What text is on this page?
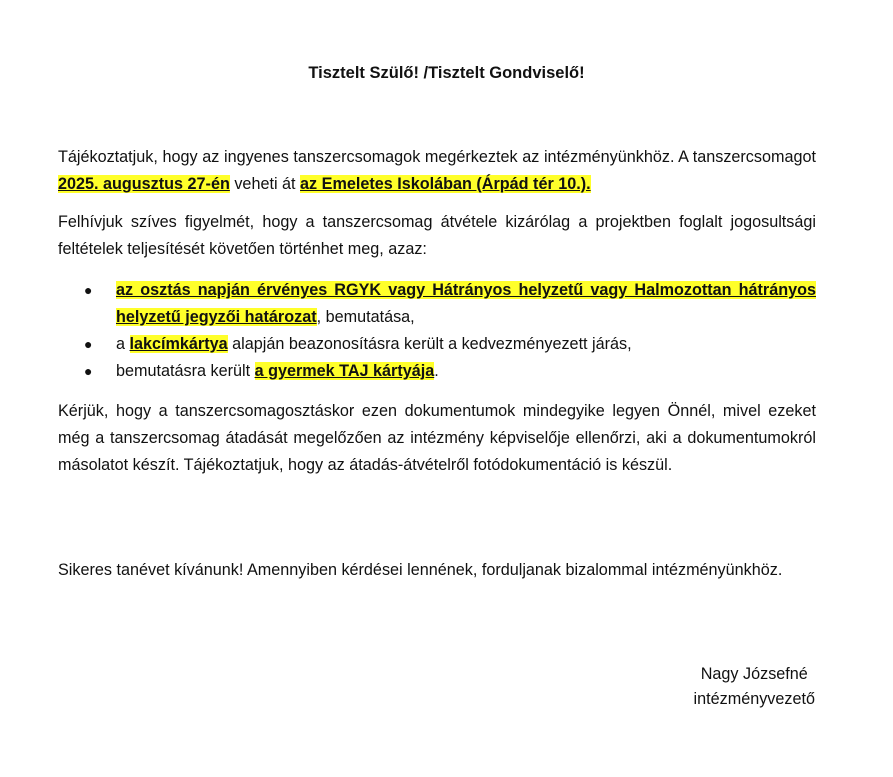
Tisztelt Szülő! /Tisztelt Gondviselő!
Tájékoztatjuk, hogy az ingyenes tanszercsomagok megérkeztek az intézményünkhöz. A tanszercsomagot 2025. augusztus 27-én veheti át az Emeletes Iskolában (Árpád tér 10.).
Felhívjuk szíves figyelmét, hogy a tanszercsomag átvétele kizárólag a projektben foglalt jogosultsági feltételek teljesítését követően történhet meg, azaz:
● az osztás napján érvényes RGYK vagy Hátrányos helyzetű vagy Halmozottan hátrányos helyzetű jegyzői határozat, bemutatása,
● a lakcímkártya alapján beazonosításra került a kedvezményezett járás,
● bemutatásra került a gyermek TAJ kártyája.
Kérjük, hogy a tanszercsomagosztáskor ezen dokumentumok mindegyike legyen Önnél, mivel ezeket még a tanszercsomag átadását megelőzően az intézmény képviselője ellenőrzi, aki a dokumentumokról másolatot készít. Tájékoztatjuk, hogy az átadás-átvételről fotódokumentáció is készül.
Sikeres tanévet kívánunk! Amennyiben kérdései lennének, forduljanak bizalommal intézményünkhöz.
Nagy Józsefné
intézményvezető
